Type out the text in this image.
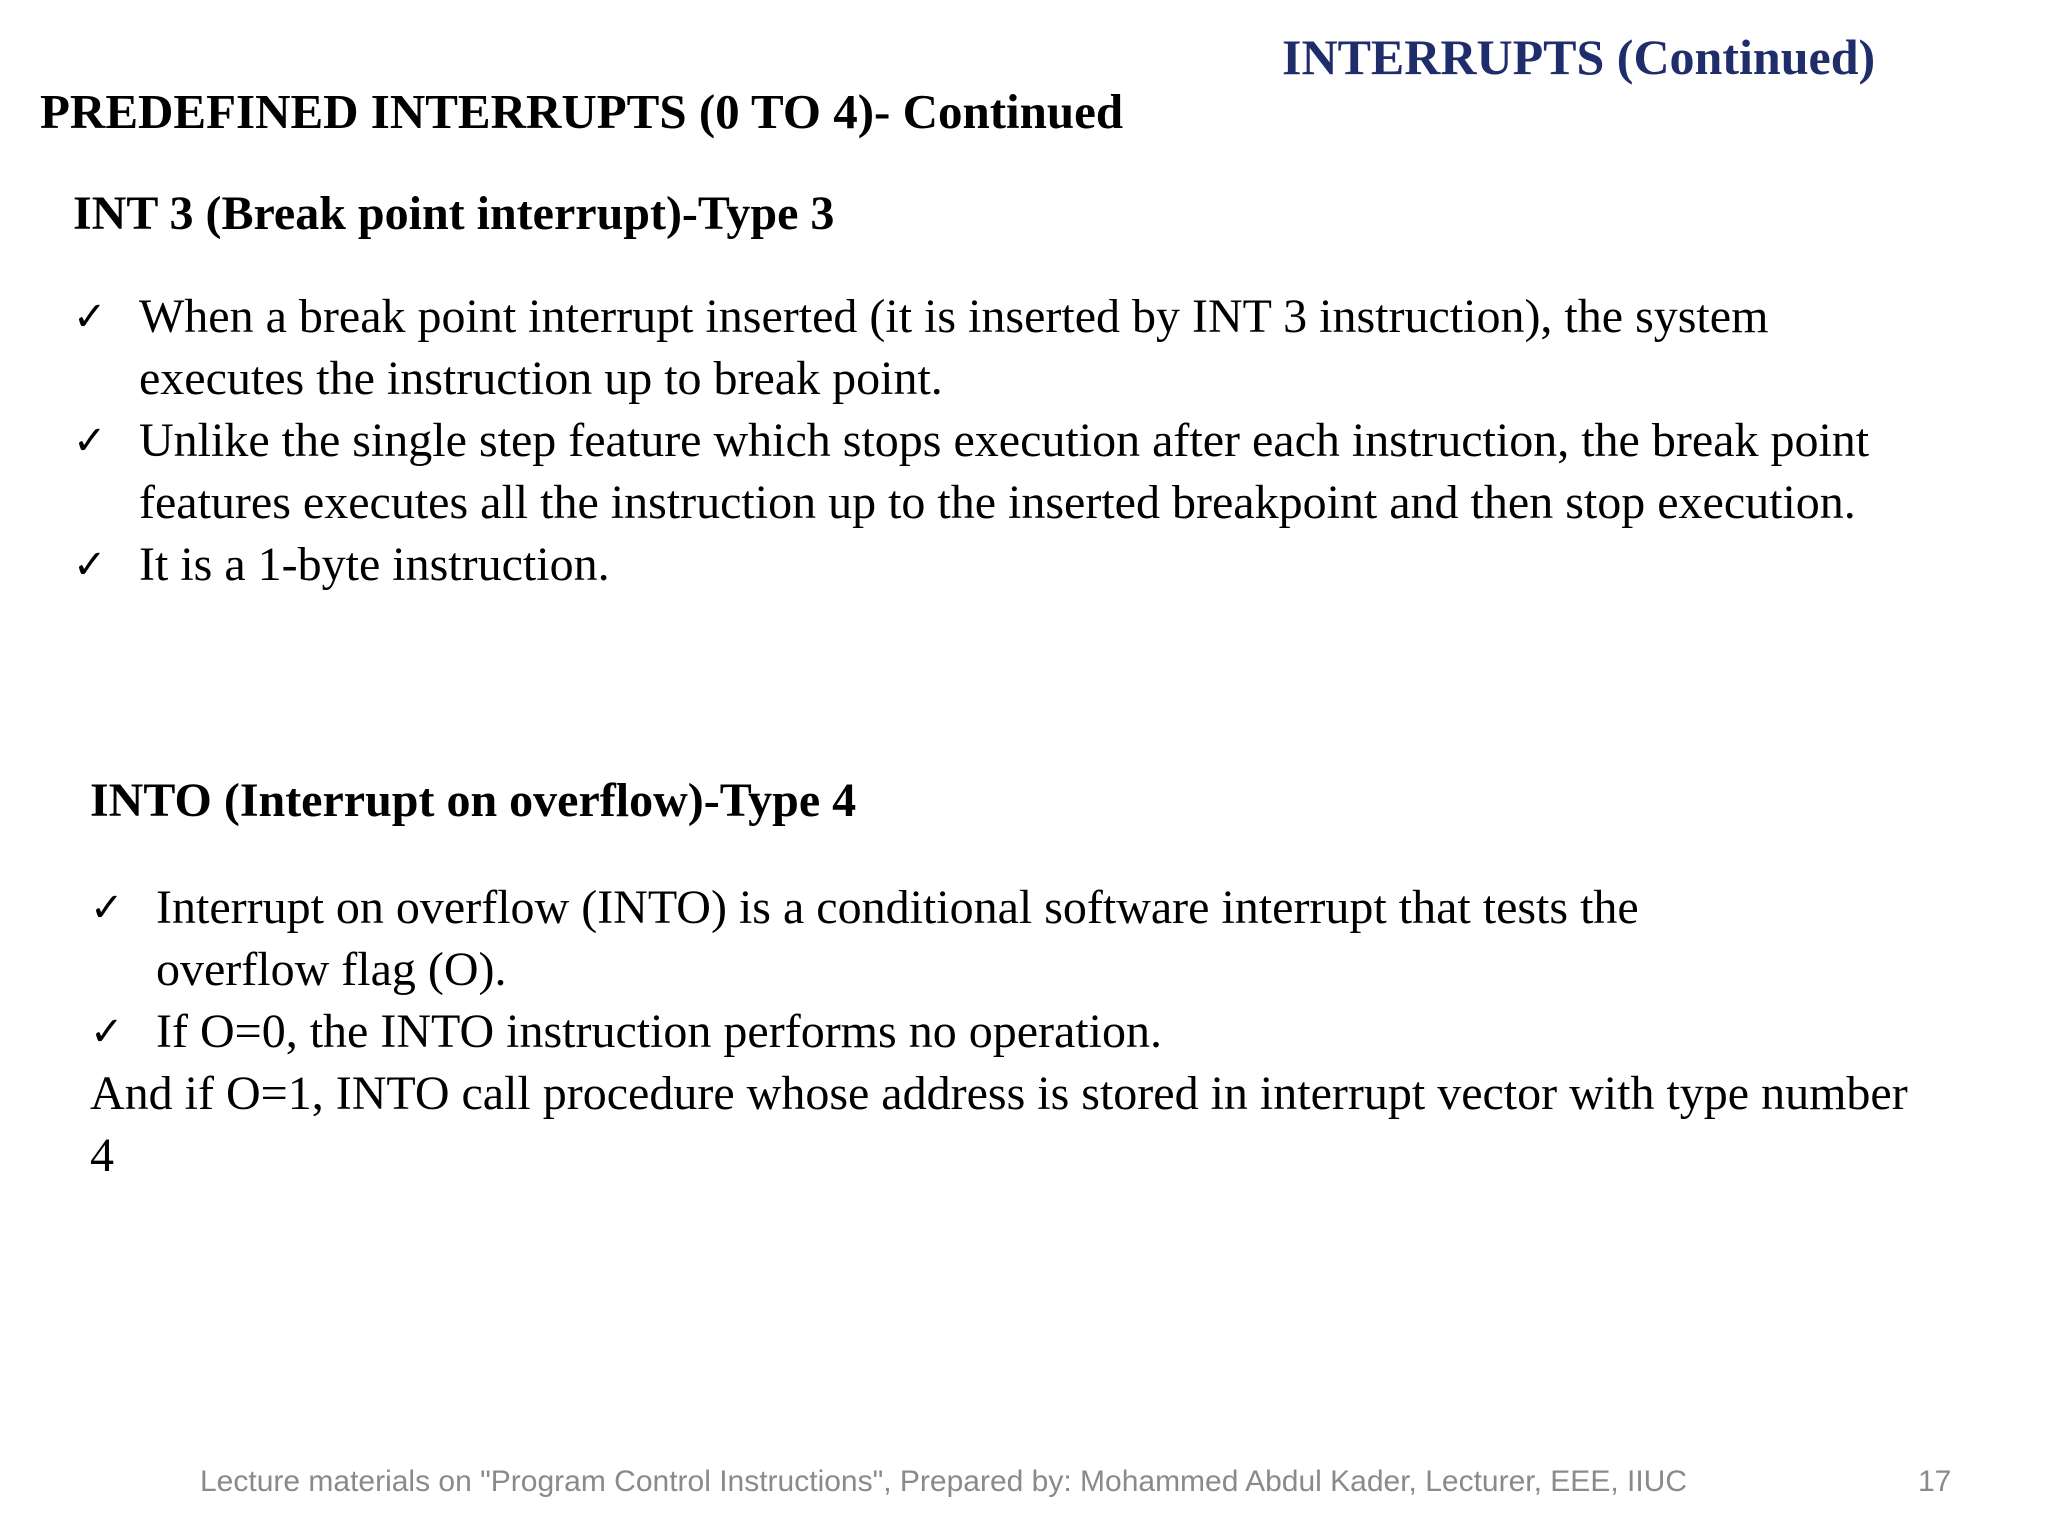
INTERRUPTS (Continued)
PREDEFINED INTERRUPTS (0 TO 4)- Continued
INT 3 (Break point interrupt)-Type 3
✓ When a break point interrupt inserted (it is inserted by INT 3 instruction), the system executes the instruction up to break point.
✓ Unlike the single step feature which stops execution after each instruction, the break point features executes all the instruction up to the inserted breakpoint and then stop execution.
✓ It is a 1-byte instruction.
INTO (Interrupt on overflow)-Type 4
✓ Interrupt on overflow (INTO) is a conditional software interrupt that tests the overflow flag (O).
✓ If O=0, the INTO instruction performs no operation.

And if O=1, INTO call procedure whose address is stored in interrupt vector with type number 4

Lecture materials on "Program Control Instructions", Prepared by: Mohammed Abdul Kader, Lecturer, EEE, IIUC	17
